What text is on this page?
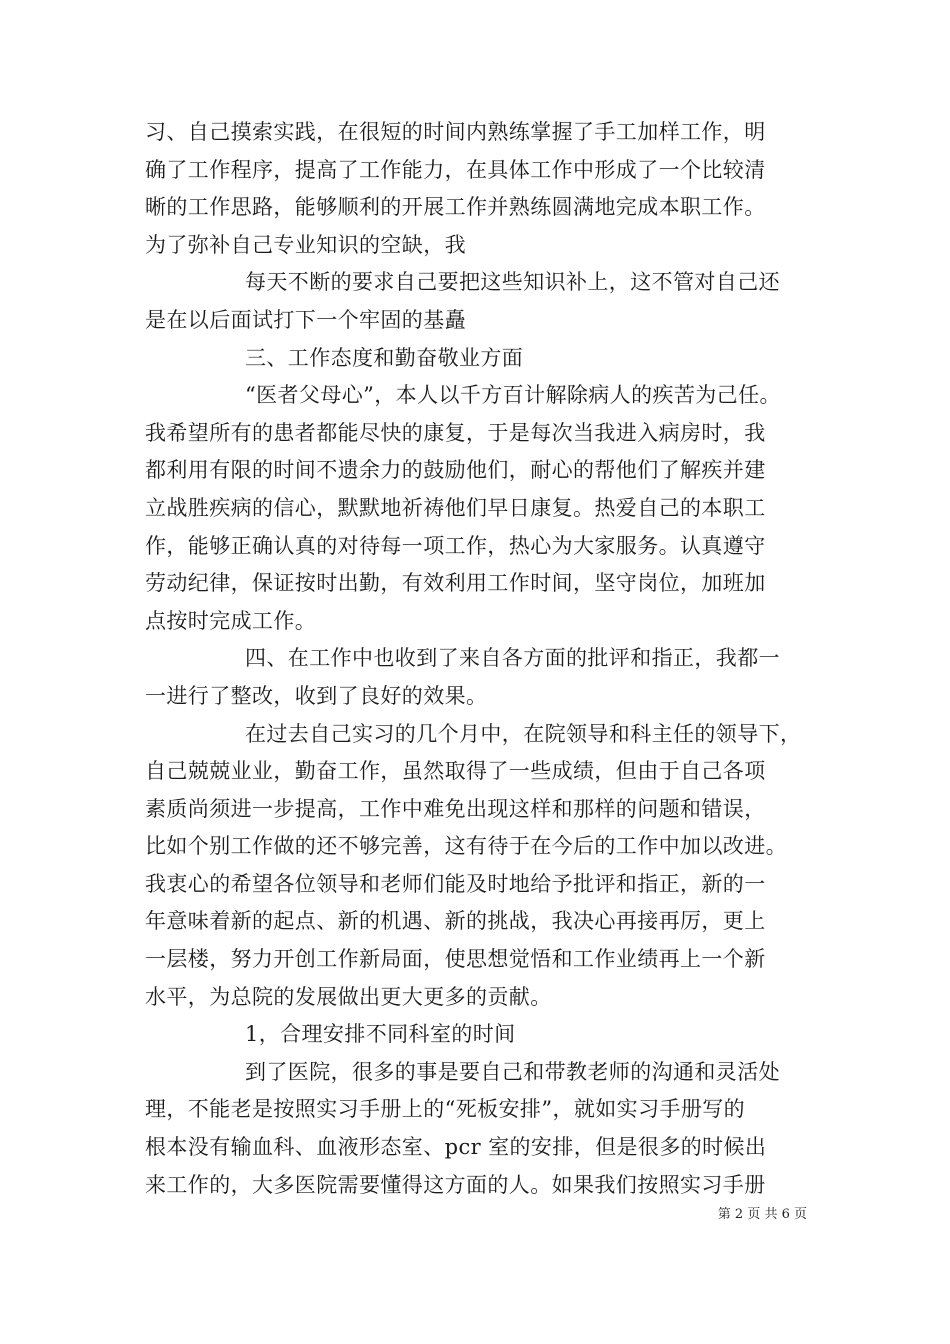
习、自己摸索实践，在很短的时间内熟练掌握了手工加样工作，明
确了工作程序，提高了工作能力，在具体工作中形成了一个比较清
晰的工作思路，能够顺利的开展工作并熟练圆满地完成本职工作。
为了弥补自己专业知识的空缺，我
每天不断的要求自己要把这些知识补上，这不管对自己还
是在以后面试打下一个牢固的基矗
三、工作态度和勤奋敬业方面
“医者父母心”，本人以千方百计解除病人的疾苦为己任。
我希望所有的患者都能尽快的康复，于是每次当我进入病房时，我
都利用有限的时间不遗余力的鼓励他们，耐心的帮他们了解疾并建
立战胜疾病的信心，默默地祈祷他们早日康复。热爱自己的本职工
作，能够正确认真的对待每一项工作，热心为大家服务。认真遵守
劳动纪律，保证按时出勤，有效利用工作时间，坚守岗位，加班加
点按时完成工作。
四、在工作中也收到了来自各方面的批评和指正，我都一
一进行了整改，收到了良好的效果。
在过去自己实习的几个月中，在院领导和科主任的领导下，
自己兢兢业业，勤奋工作，虽然取得了一些成绩，但由于自己各项
素质尚须进一步提高，工作中难免出现这样和那样的问题和错误，
比如个别工作做的还不够完善，这有待于在今后的工作中加以改进。
我衷心的希望各位领导和老师们能及时地给予批评和指正，新的一
年意味着新的起点、新的机遇、新的挑战，我决心再接再厉，更上
一层楼，努力开创工作新局面，使思想觉悟和工作业绩再上一个新
水平，为总院的发展做出更大更多的贡献。
1，合理安排不同科室的时间
到了医院，很多的事是要自己和带教老师的沟通和灵活处
理，不能老是按照实习手册上的“死板安排”，就如实习手册写的
根本没有输血科、血液形态室、pcr 室的安排，但是很多的时候出
来工作的，大多医院需要懂得这方面的人。如果我们按照实习手册
第 2 页 共 6 页
